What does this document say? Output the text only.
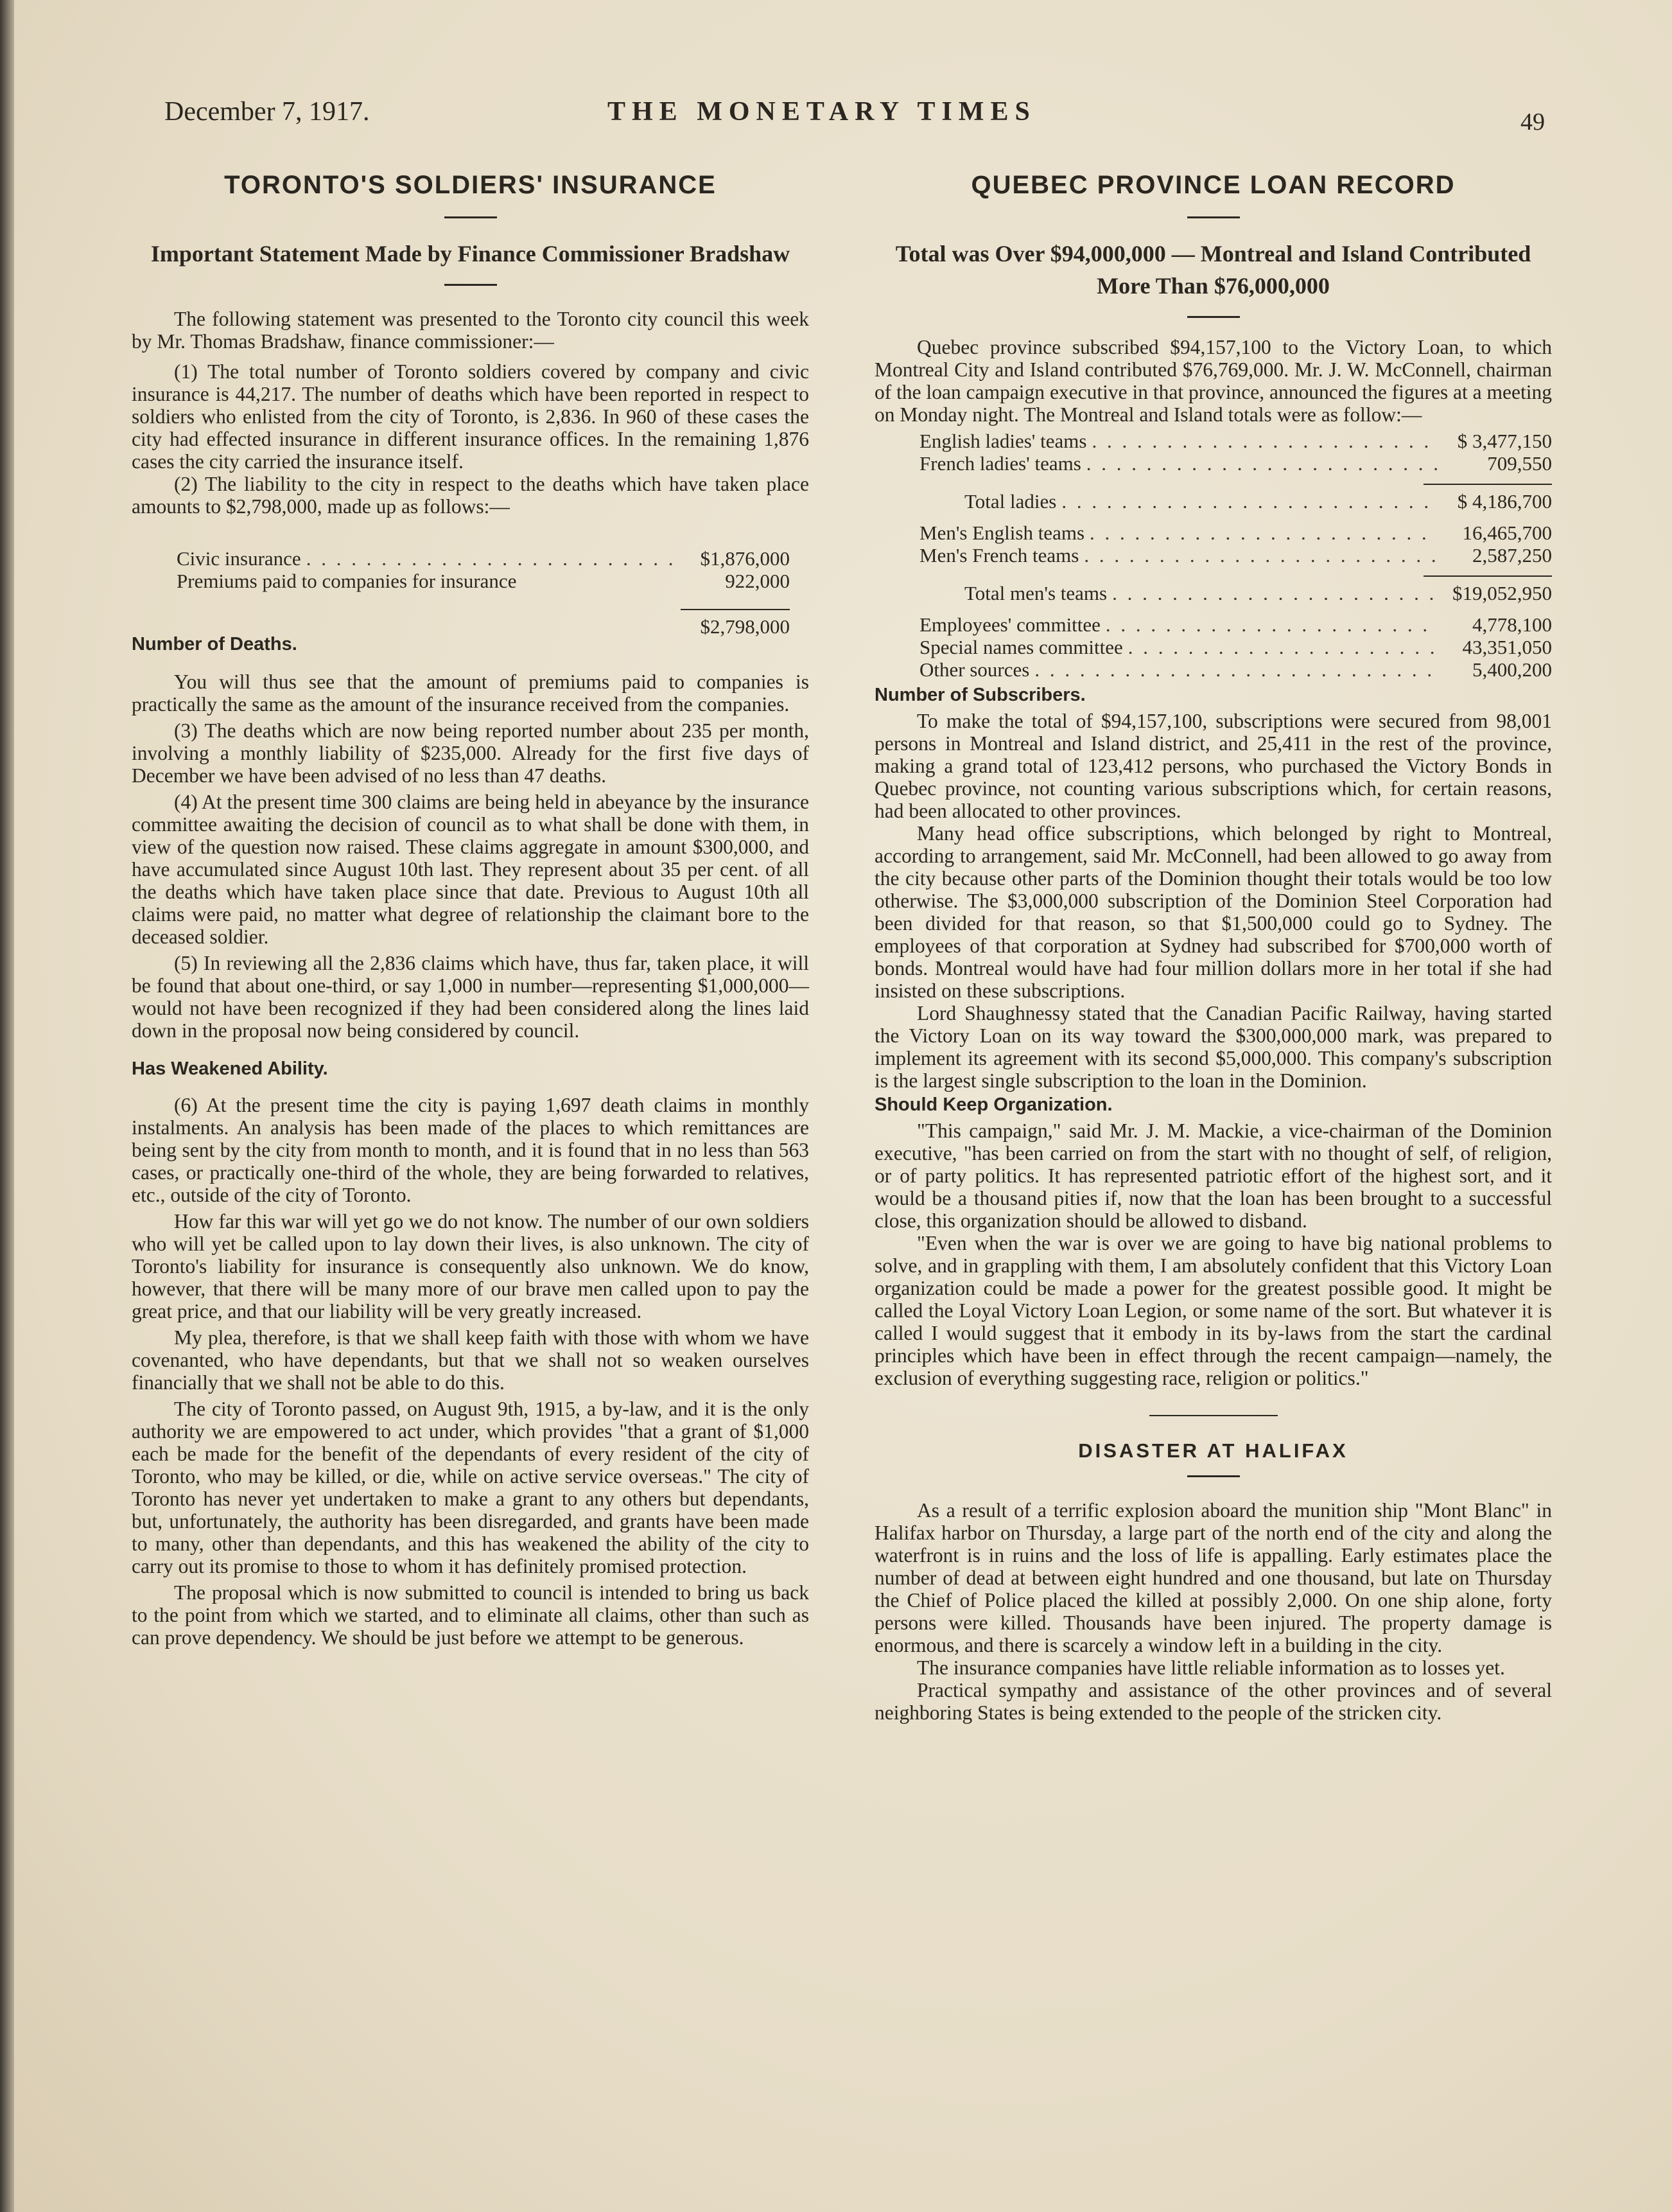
December 7, 1917.	THE MONETARY TIMES	49
TORONTO'S SOLDIERS' INSURANCE
Important Statement Made by Finance Commissioner Bradshaw

The following statement was presented to the Toronto city council this week by Mr. Thomas Bradshaw, finance commissioner:—

(1) The total number of Toronto soldiers covered by company and civic insurance is 44,217. The number of deaths which have been reported in respect to soldiers who enlisted from the city of Toronto, is 2,836. In 960 of these cases the city had effected insurance in different insurance offices. In the remaining 1,876 cases the city carried the insurance itself.

(2) The liability to the city in respect to the deaths which have taken place amounts to $2,798,000, made up as follows:—

Civic insurance . . .	$1,876,000
Premiums paid to companies for insurance	922,000
$2,798,000
Number of Deaths.

You will thus see that the amount of premiums paid to companies is practically the same as the amount of the insurance received from the companies.

(3) The deaths which are now being reported number about 235 per month, involving a monthly liability of $235,000. Already for the first five days of December we have been advised of no less than 47 deaths.

(4) At the present time 300 claims are being held in abeyance by the insurance committee awaiting the decision of council as to what shall be done with them, in view of the question now raised. These claims aggregate in amount $300,000, and have accumulated since August 10th last. They represent about 35 per cent. of all the deaths which have taken place since that date. Previous to August 10th all claims were paid, no matter what degree of relationship the claimant bore to the deceased soldier.

(5) In reviewing all the 2,836 claims which have, thus far, taken place, it will be found that about one-third, or say 1,000 in number—representing $1,000,000—would not have been recognized if they had been considered along the lines laid down in the proposal now being considered by council.

Has Weakened Ability.

(6) At the present time the city is paying 1,697 death claims in monthly instalments. An analysis has been made of the places to which remittances are being sent by the city from month to month, and it is found that in no less than 563 cases, or practically one-third of the whole, they are being forwarded to relatives, etc., outside of the city of Toronto.

How far this war will yet go we do not know. The number of our own soldiers who will yet be called upon to lay down their lives, is also unknown. The city of Toronto's liability for insurance is consequently also unknown. We do know, however, that there will be many more of our brave men called upon to pay the great price, and that our liability will be very greatly increased.

My plea, therefore, is that we shall keep faith with those with whom we have covenanted, who have dependants, but that we shall not so weaken ourselves financially that we shall not be able to do this.

The city of Toronto passed, on August 9th, 1915, a by-law, and it is the only authority we are empowered to act under, which provides "that a grant of $1,000 each be made for the benefit of the dependants of every resident of the city of Toronto, who may be killed, or die, while on active service overseas." The city of Toronto has never yet undertaken to make a grant to any others but dependants, but, unfortunately, the authority has been disregarded, and grants have been made to many, other than dependants, and this has weakened the ability of the city to carry out its promise to those to whom it has definitely promised protection.

The proposal which is now submitted to council is intended to bring us back to the point from which we started, and to eliminate all claims, other than such as can prove dependency. We should be just before we attempt to be generous.

QUEBEC PROVINCE LOAN RECORD
Total was Over $94,000,000 — Montreal and Island Contributed More Than $76,000,000

Quebec province subscribed $94,157,100 to the Victory Loan, to which Montreal City and Island contributed $76,769,000. Mr. J. W. McConnell, chairman of the loan campaign executive in that province, announced the figures at a meeting on Monday night. The Montreal and Island totals were as follow:—

English ladies' teams . . .	$ 3,477,150
French ladies' teams . . .	709,550
Total ladies . . .	$ 4,186,700
Men's English teams . . .	16,465,700
Men's French teams . . .	2,587,250
Total men's teams . . .	$19,052,950
Employees' committee . . .	4,778,100
Special names committee . . .	43,351,050
Other sources . . .	5,400,200
Number of Subscribers.

To make the total of $94,157,100, subscriptions were secured from 98,001 persons in Montreal and Island district, and 25,411 in the rest of the province, making a grand total of 123,412 persons, who purchased the Victory Bonds in Quebec province, not counting various subscriptions which, for certain reasons, had been allocated to other provinces.

Many head office subscriptions, which belonged by right to Montreal, according to arrangement, said Mr. McConnell, had been allowed to go away from the city because other parts of the Dominion thought their totals would be too low otherwise. The $3,000,000 subscription of the Dominion Steel Corporation had been divided for that reason, so that $1,500,000 could go to Sydney. The employees of that corporation at Sydney had subscribed for $700,000 worth of bonds. Montreal would have had four million dollars more in her total if she had insisted on these subscriptions.

Lord Shaughnessy stated that the Canadian Pacific Railway, having started the Victory Loan on its way toward the $300,000,000 mark, was prepared to implement its agreement with its second $5,000,000. This company's subscription is the largest single subscription to the loan in the Dominion.

Should Keep Organization.

"This campaign," said Mr. J. M. Mackie, a vice-chairman of the Dominion executive, "has been carried on from the start with no thought of self, of religion, or of party politics. It has represented patriotic effort of the highest sort, and it would be a thousand pities if, now that the loan has been brought to a successful close, this organization should be allowed to disband.

"Even when the war is over we are going to have big national problems to solve, and in grappling with them, I am absolutely confident that this Victory Loan organization could be made a power for the greatest possible good. It might be called the Loyal Victory Loan Legion, or some name of the sort. But whatever it is called I would suggest that it embody in its by-laws from the start the cardinal principles which have been in effect through the recent campaign—namely, the exclusion of everything suggesting race, religion or politics."

DISASTER AT HALIFAX

As a result of a terrific explosion aboard the munition ship "Mont Blanc" in Halifax harbor on Thursday, a large part of the north end of the city and along the waterfront is in ruins and the loss of life is appalling. Early estimates place the number of dead at between eight hundred and one thousand, but late on Thursday the Chief of Police placed the killed at possibly 2,000. On one ship alone, forty persons were killed. Thousands have been injured. The property damage is enormous, and there is scarcely a window left in a building in the city.

The insurance companies have little reliable information as to losses yet.

Practical sympathy and assistance of the other provinces and of several neighboring States is being extended to the people of the stricken city.
